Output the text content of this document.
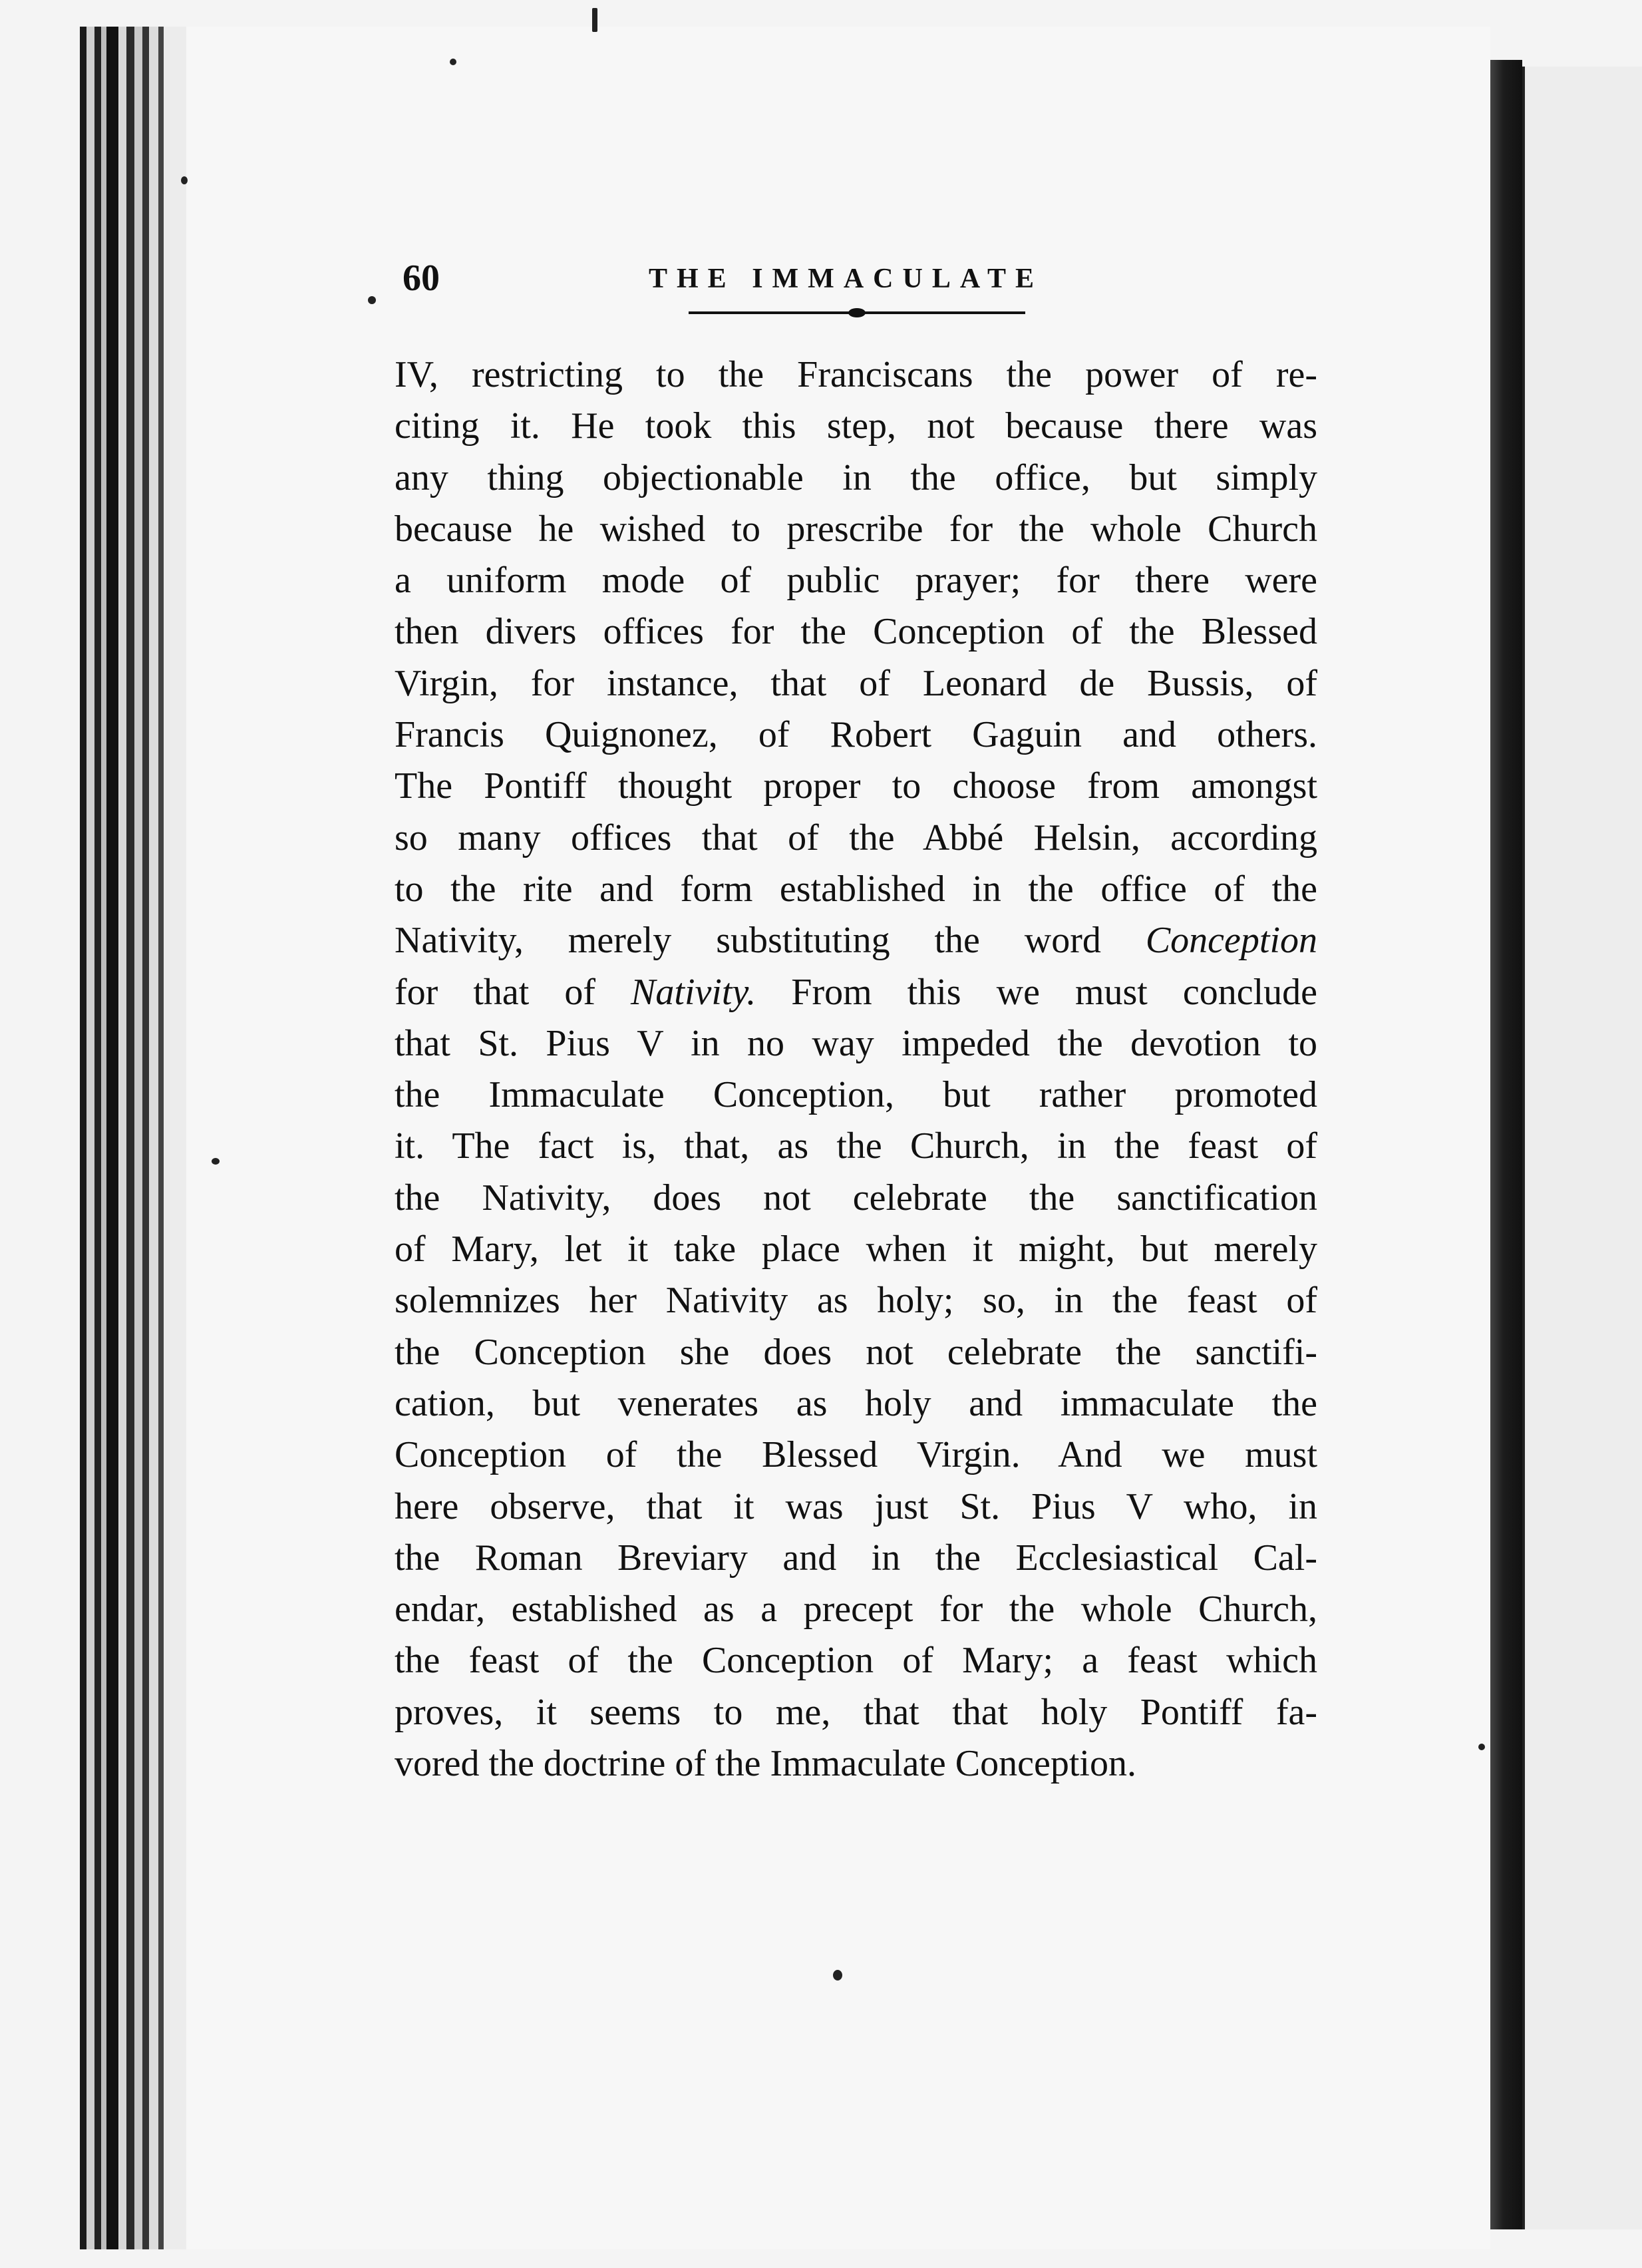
60	THE IMMACULATE
IV, restricting to the Franciscans the power of re-
citing it. He took this step, not because there was
any thing objectionable in the office, but simply
because he wished to prescribe for the whole Church
a uniform mode of public prayer; for there were
then divers offices for the Conception of the Blessed
Virgin, for instance, that of Leonard de Bussis, of
Francis Quignonez, of Robert Gaguin and others.
The Pontiff thought proper to choose from amongst
so many offices that of the Abbé Helsin, according
to the rite and form established in the office of the
Nativity, merely substituting the word Conception
for that of Nativity. From this we must conclude
that St. Pius V in no way impeded the devotion to
the Immaculate Conception, but rather promoted
it. The fact is, that, as the Church, in the feast of
the Nativity, does not celebrate the sanctification
of Mary, let it take place when it might, but merely
solemnizes her Nativity as holy; so, in the feast of
the Conception she does not celebrate the sanctifi-
cation, but venerates as holy and immaculate the
Conception of the Blessed Virgin. And we must
here observe, that it was just St. Pius V who, in
the Roman Breviary and in the Ecclesiastical Cal-
endar, established as a precept for the whole Church,
the feast of the Conception of Mary; a feast which
proves, it seems to me, that that holy Pontiff fa-
vored the doctrine of the Immaculate Conception.
